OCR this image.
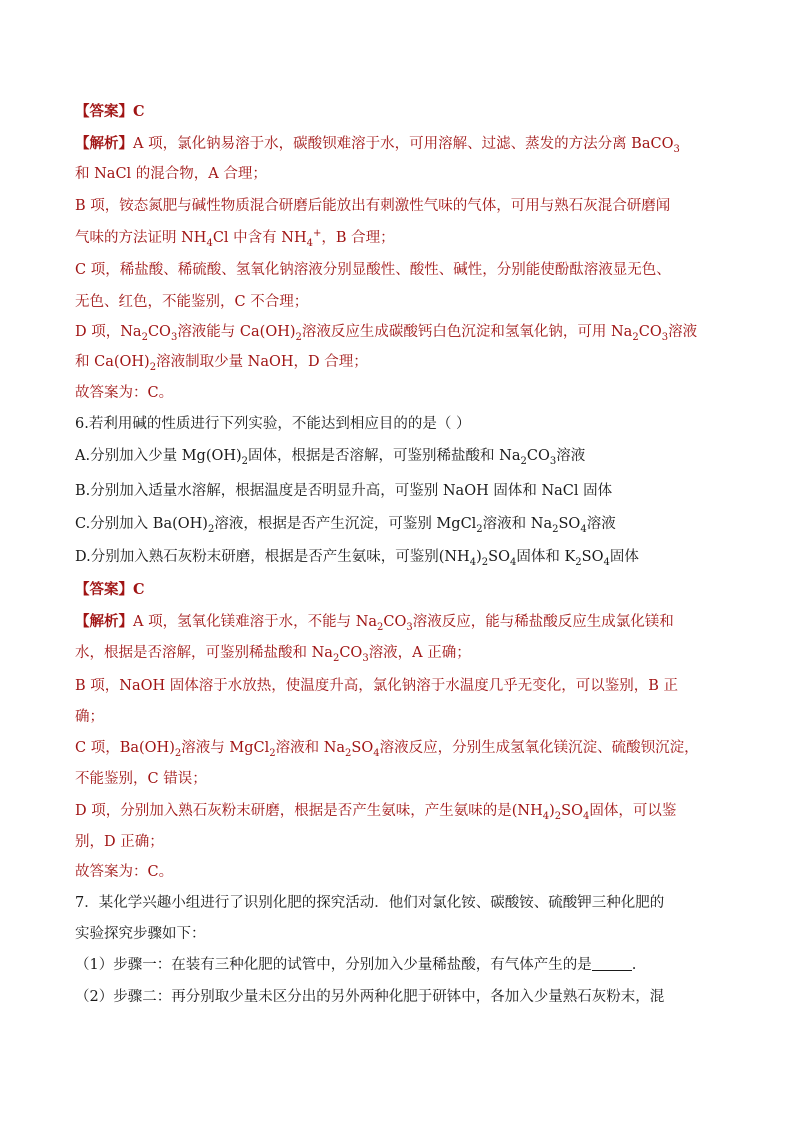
【答案】C
【解析】A 项，氯化钠易溶于水，碳酸钡难溶于水，可用溶解、过滤、蒸发的方法分离 BaCO$_3$
和 NaCl 的混合物，A 合理；
B 项，铵态氮肥与碱性物质混合研磨后能放出有刺激性气味的气体，可用与熟石灰混合研磨闻
气味的方法证明 $NH_4Cl$ 中含有 $NH_4^+$，B 合理；
C 项，稀盐酸、稀硫酸、氢氧化钠溶液分别显酸性、酸性、碱性，分别能使酚酞溶液显无色、
无色、红色，不能鉴别，C 不合理；
D 项，$Na_2CO_3$溶液能与 $Ca(OH)_2$溶液反应生成碳酸钙白色沉淀和氢氧化钠，可用 $Na_2CO_3$溶液
和 $Ca(OH)_2$溶液制取少量 NaOH，D 合理；
故答案为：C。
6.若利用碱的性质进行下列实验，不能达到相应目的的是（ ）
A.分别加入少量 $Mg(OH)_2$固体，根据是否溶解，可鉴别稀盐酸和 $Na_2CO_3$溶液
B.分别加入适量水溶解，根据温度是否明显升高，可鉴别 NaOH 固体和 NaCl 固体
C.分别加入 $Ba(OH)_2$溶液，根据是否产生沉淀，可鉴别 MgCl$_2$溶液和 $Na_2SO_4$溶液
D.分别加入熟石灰粉末研磨，根据是否产生氨味，可鉴别$(NH_4)_2SO_4$固体和 $K_2SO_4$固体
【答案】C
【解析】A 项，氢氧化镁难溶于水，不能与 $Na_2CO_3$溶液反应，能与稀盐酸反应生成氯化镁和
水，根据是否溶解，可鉴别稀盐酸和 $Na_2CO_3$溶液，A 正确；
B 项，NaOH 固体溶于水放热，使温度升高，氯化钠溶于水温度几乎无变化，可以鉴别，B 正
确；
C 项，$Ba(OH)_2$溶液与 MgCl$_2$溶液和 $Na_2SO_4$溶液反应，分别生成氢氧化镁沉淀、硫酸钡沉淀，
不能鉴别，C 错误；
D 项，分别加入熟石灰粉末研磨，根据是否产生氨味，产生氨味的是$(NH_4)_2SO_4$固体，可以鉴
别，D 正确；
故答案为：C。
7．某化学兴趣小组进行了识别化肥的探究活动．他们对氯化铵、碳酸铵、硫酸钾三种化肥的
实验探究步骤如下：
（1）步骤一：在装有三种化肥的试管中，分别加入少量稀盐酸，有气体产生的是	.
（2）步骤二：再分别取少量未区分出的另外两种化肥于研钵中，各加入少量熟石灰粉末，混
